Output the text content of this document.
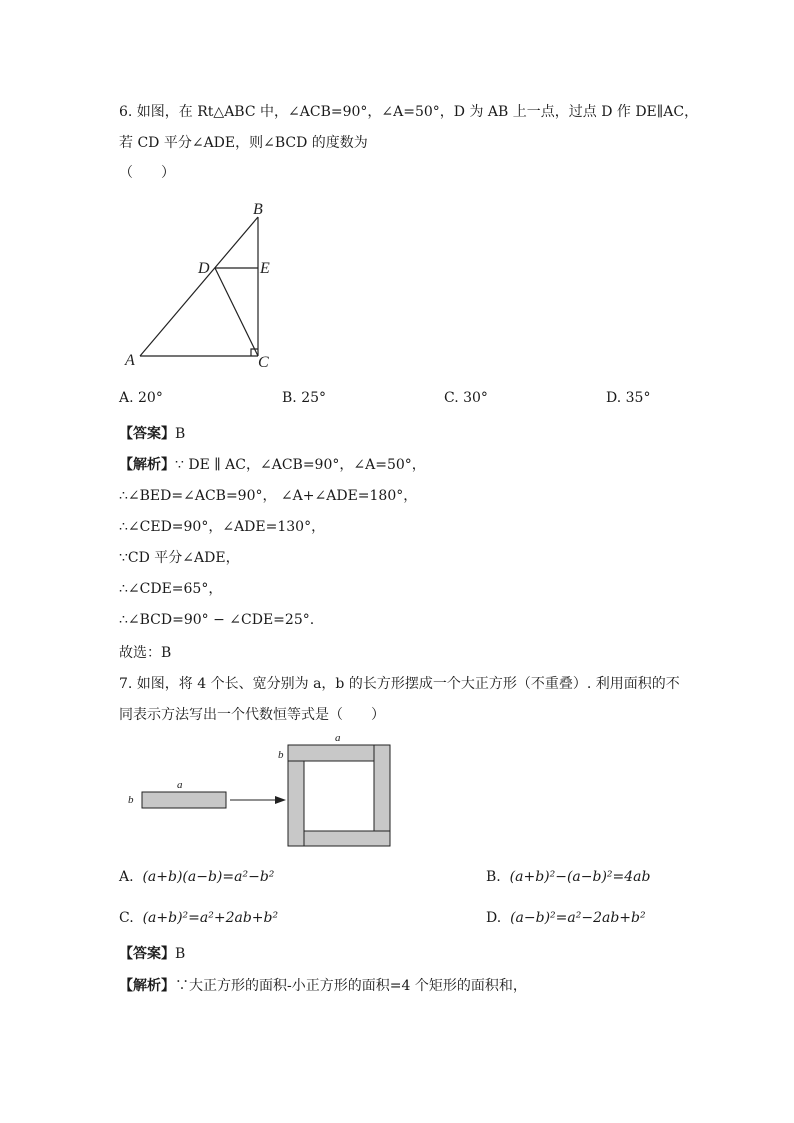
6. 如图，在 Rt△ABC 中，∠ACB=90°，∠A=50°，D 为 AB 上一点，过点 D 作 DE∥AC，
若 CD 平分∠ADE，则∠BCD 的度数为
（　　）
B
D	E
A	C
A. 20°	B. 25°	C. 30°	D. 35°
【答案】B
【解析】∵ DE ∥ AC，∠ACB=90°，∠A=50°，
∴∠BED=∠ACB=90°， ∠A+∠ADE=180°，
∴∠CED=90°，∠ADE=130°，
∵CD 平分∠ADE，
∴∠CDE=65°，
∴∠BCD=90° − ∠CDE=25°.
故选：B
7. 如图，将 4 个长、宽分别为 a，b 的长方形摆成一个大正方形（不重叠）. 利用面积的不
同表示方法写出一个代数恒等式是（　　）
a
b
a
b
A. (a+b)(a−b)=a²−b²	B. (a+b)²−(a−b)²=4ab
C. (a+b)²=a²+2ab+b²	D. (a−b)²=a²−2ab+b²
【答案】B
【解析】∵大正方形的面积-小正方形的面积=4 个矩形的面积和，
